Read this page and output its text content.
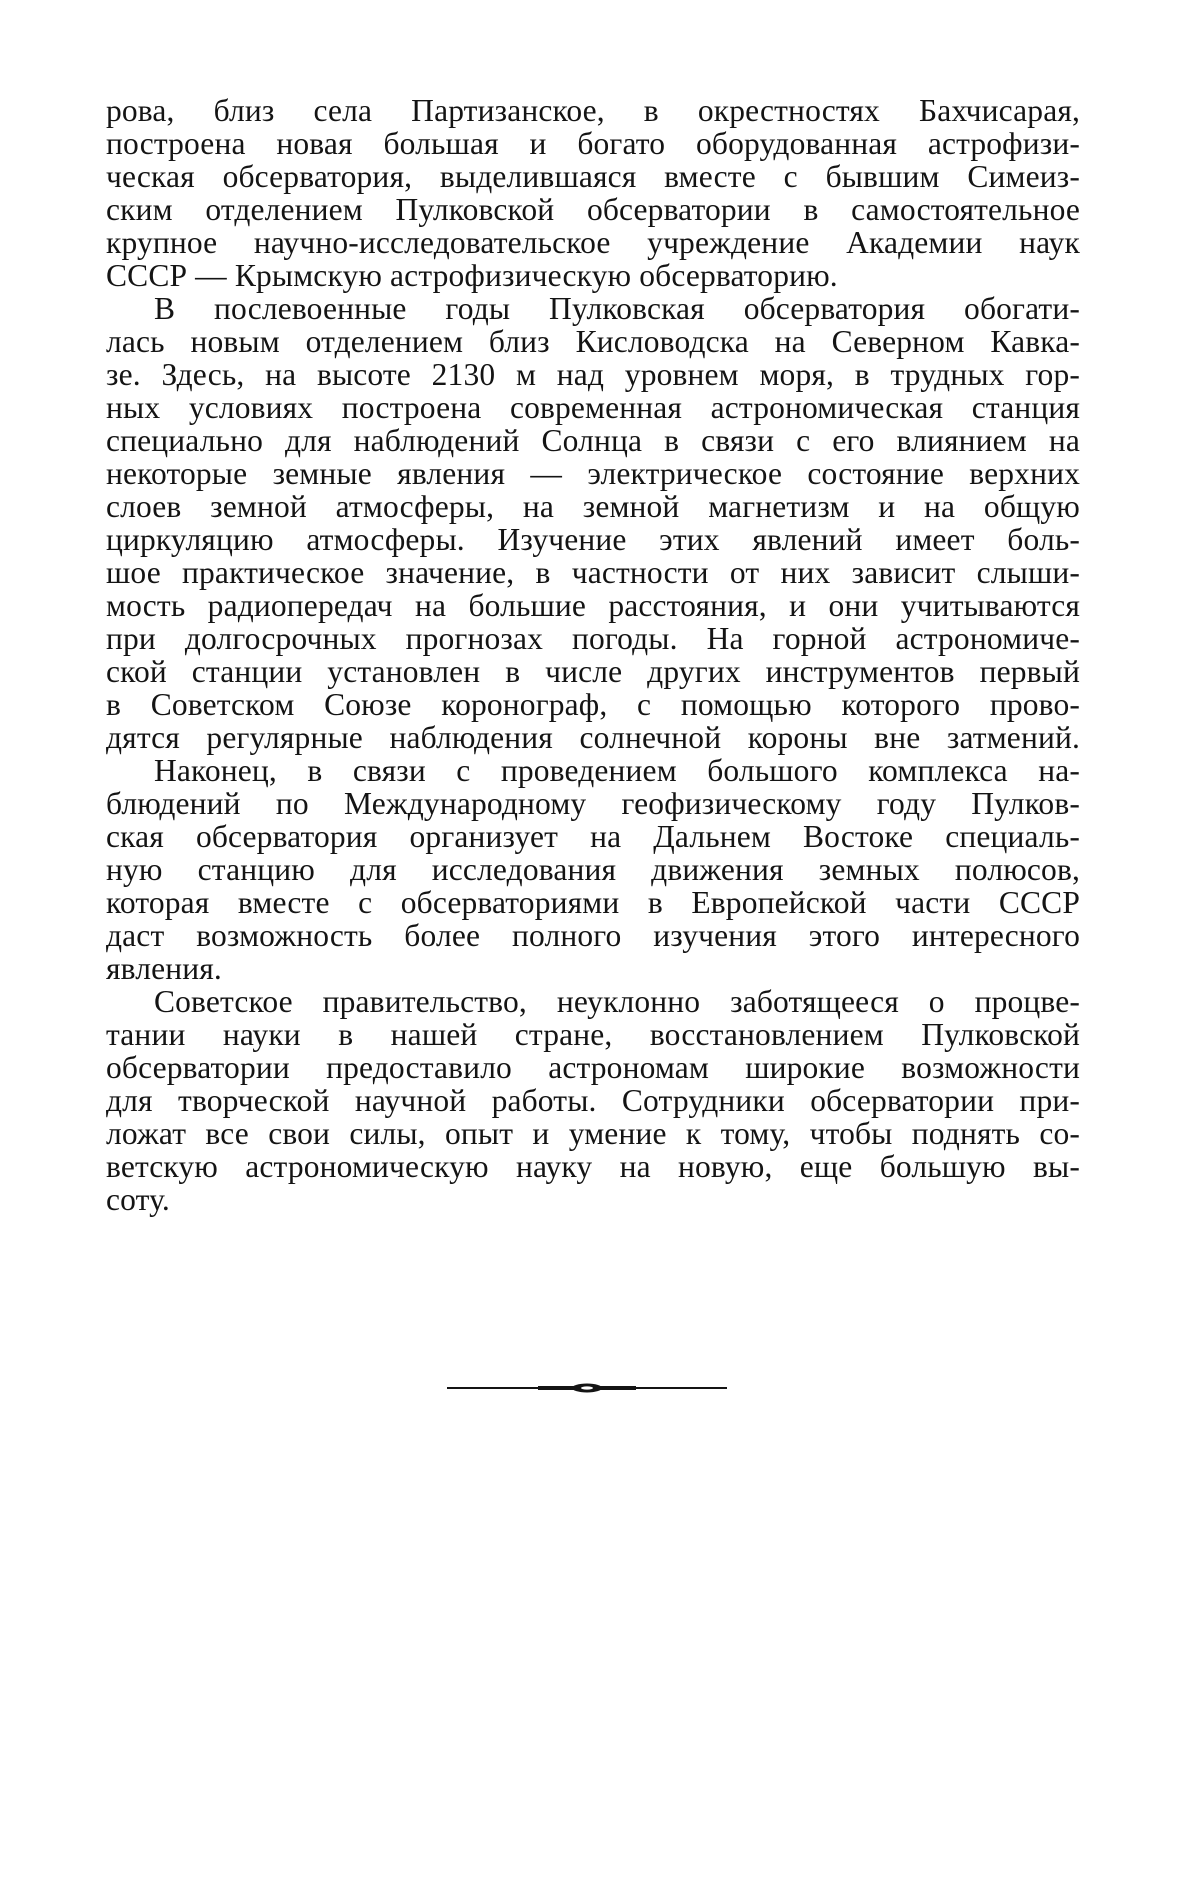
рова, близ села Партизанское, в окрестностях Бахчисарая,
построена новая большая и богато оборудованная астрофизи-
ческая обсерватория, выделившаяся вместе с бывшим Симеиз-
ским отделением Пулковской обсерватории в самостоятельное
крупное научно-исследовательское учреждение Академии наук
СССР — Крымскую астрофизическую обсерваторию.
В послевоенные годы Пулковская обсерватория обогати-
лась новым отделением близ Кисловодска на Северном Кавка-
зе. Здесь, на высоте 2130 м над уровнем моря, в трудных гор-
ных условиях построена современная астрономическая станция
специально для наблюдений Солнца в связи с его влиянием на
некоторые земные явления — электрическое состояние верхних
слоев земной атмосферы, на земной магнетизм и на общую
циркуляцию атмосферы. Изучение этих явлений имеет боль-
шое практическое значение, в частности от них зависит слыши-
мость радиопередач на большие расстояния, и они учитываются
при долгосрочных прогнозах погоды. На горной астрономиче-
ской станции установлен в числе других инструментов первый
в Советском Союзе коронограф, с помощью которого прово-
дятся регулярные наблюдения солнечной короны вне затмений.
Наконец, в связи с проведением большого комплекса на-
блюдений по Международному геофизическому году Пулков-
ская обсерватория организует на Дальнем Востоке специаль-
ную станцию для исследования движения земных полюсов,
которая вместе с обсерваториями в Европейской части СССР
даст возможность более полного изучения этого интересного
явления.
Советское правительство, неуклонно заботящееся о процве-
тании науки в нашей стране, восстановлением Пулковской
обсерватории предоставило астрономам широкие возможности
для творческой научной работы. Сотрудники обсерватории при-
ложат все свои силы, опыт и умение к тому, чтобы поднять со-
ветскую астрономическую науку на новую, еще большую вы-
соту.
